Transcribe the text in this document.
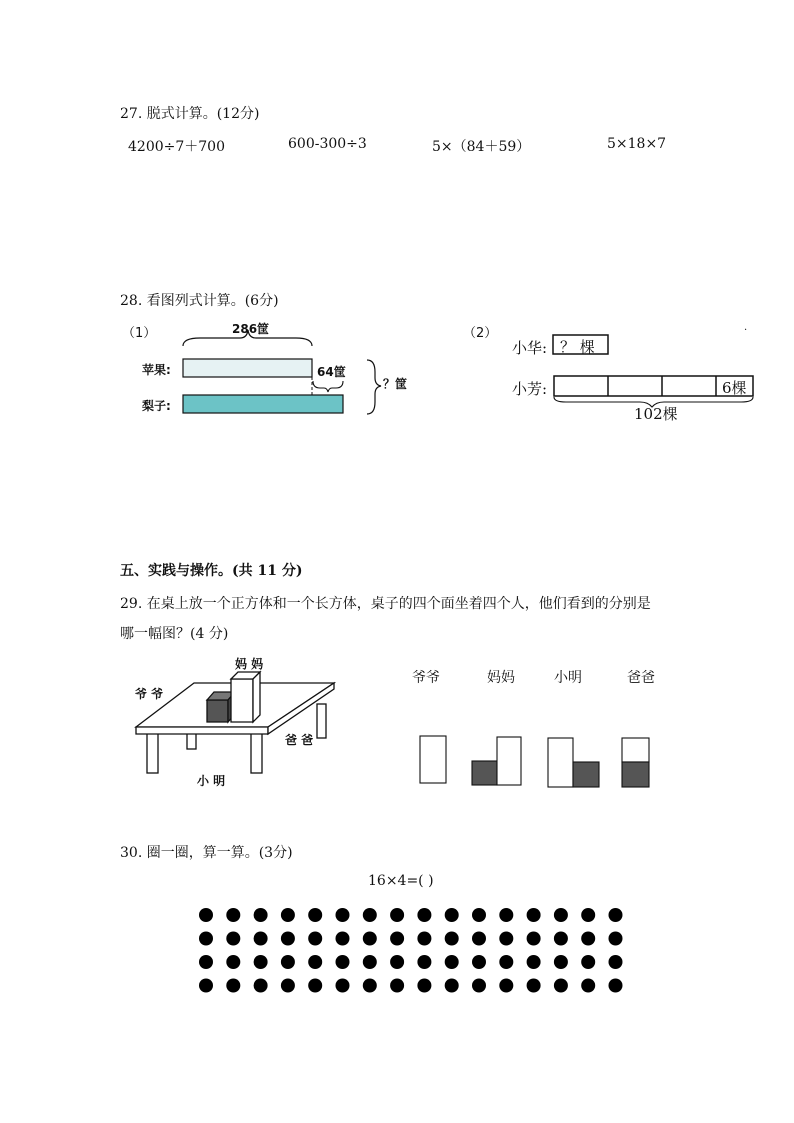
27. 脱式计算。(12分)
4200÷7＋700	600-300÷3	5×（84＋59）	5×18×7
28. 看图列式计算。(6分)
（1）	286筐
苹果:
梨子:
64筐
？筐
（2）
小华: ？ 棵
小芳:	6棵
102棵
.
五、实践与操作。(共 11 分)
29. 在桌上放一个正方体和一个长方体，桌子的四个面坐着四个人，他们看到的分别是
哪一幅图？(4 分)
妈 妈
爷 爷
爸 爸
小 明
爷爷	妈妈	小明	爸爸
30. 圈一圈，算一算。(3分)
16×4=( )
